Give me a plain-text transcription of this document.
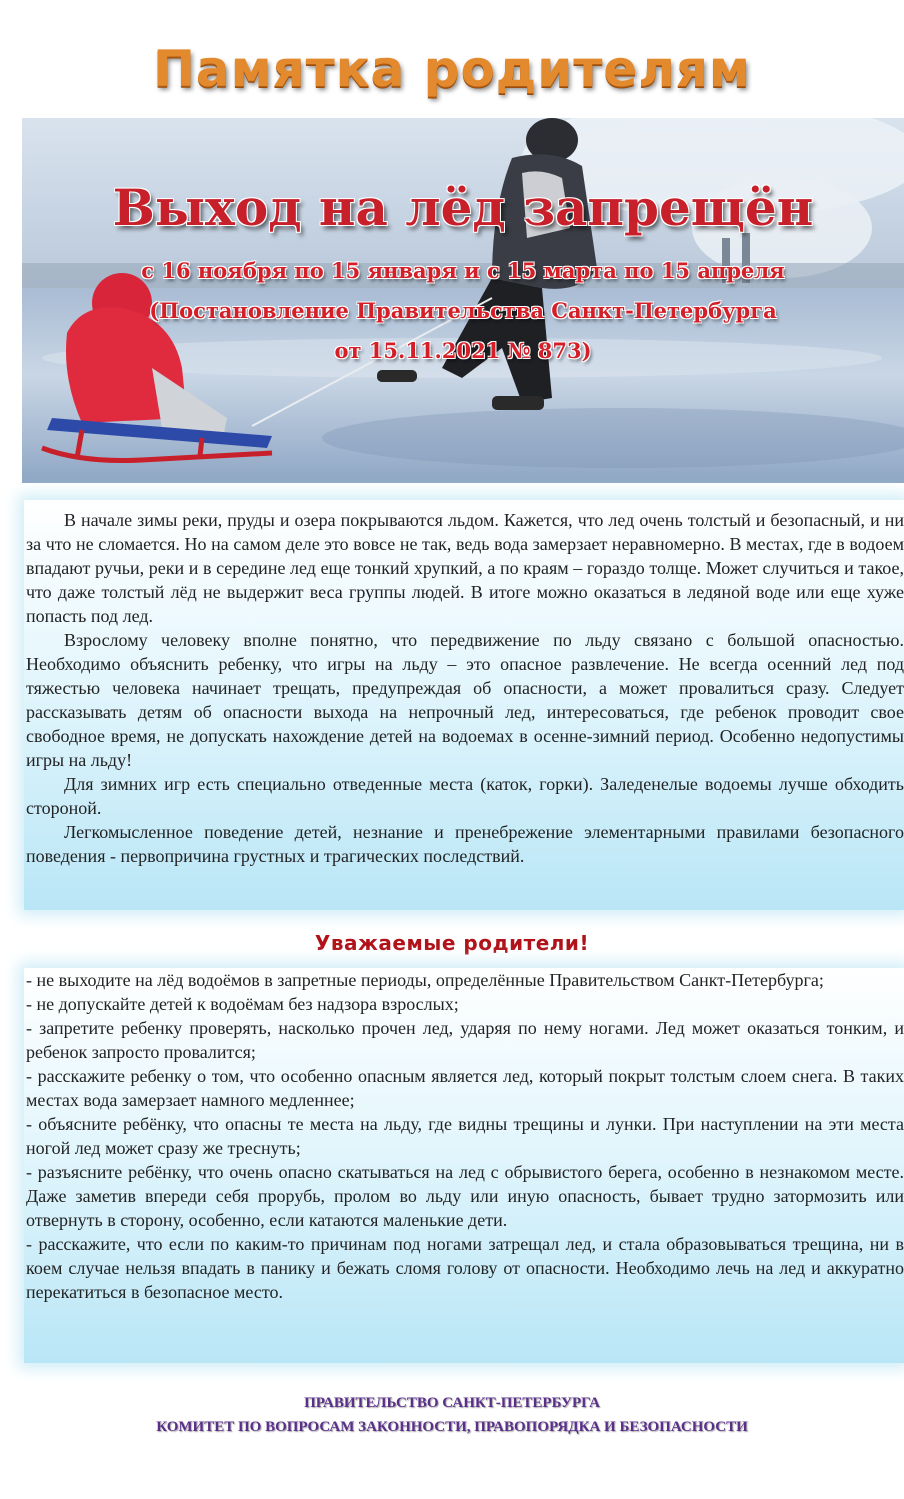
Памятка родителям
Выход на лёд запрещён
с 16 ноября по 15 января и с 15 марта по 15 апреля
(Постановление Правительства Санкт-Петербурга
от 15.11.2021 № 873)

В начале зимы реки, пруды и озера покрываются льдом. Кажется, что лед очень толстый и безопасный, и ни за что не сломается. Но на самом деле это вовсе не так, ведь вода замерзает неравномерно. В местах, где в водоем впадают ручьи, реки и в середине лед еще тонкий хрупкий, а по краям – гораздо толще. Может случиться и такое, что даже толстый лёд не выдержит веса группы людей. В итоге можно оказаться в ледяной воде или еще хуже попасть под лед.

Взрослому человеку вполне понятно, что передвижение по льду связано с большой опасностью. Необходимо объяснить ребенку, что игры на льду – это опасное развлечение. Не всегда осенний лед под тяжестью человека начинает трещать, предупреждая об опасности, а может провалиться сразу. Следует рассказывать детям об опасности выхода на непрочный лед, интересоваться, где ребенок проводит свое свободное время, не допускать нахождение детей на водоемах в осенне-зимний период. Особенно недопустимы игры на льду!

Для зимних игр есть специально отведенные места (каток, горки). Заледенелые водоемы лучше обходить стороной.

Легкомысленное поведение детей, незнание и пренебрежение элементарными правилами безопасного поведения - первопричина грустных и трагических последствий.

Уважаемые родители!

- не выходите на лёд водоёмов в запретные периоды, определённые Правительством Санкт-Петербурга;

- не допускайте детей к водоёмам без надзора взрослых;

- запретите ребенку проверять, насколько прочен лед, ударяя по нему ногами. Лед может оказаться тонким, и ребенок запросто провалится;

- расскажите ребенку о том, что особенно опасным является лед, который покрыт толстым слоем снега. В таких местах вода замерзает намного медленнее;

- объясните ребёнку, что опасны те места на льду, где видны трещины и лунки. При наступлении на эти места ногой лед может сразу же треснуть;

- разъясните ребёнку, что очень опасно скатываться на лед с обрывистого берега, особенно в незнакомом месте. Даже заметив впереди себя прорубь, пролом во льду или иную опасность, бывает трудно затормозить или отвернуть в сторону, особенно, если катаются маленькие дети.

- расскажите, что если по каким-то причинам под ногами затрещал лед, и стала образовываться трещина, ни в коем случае нельзя впадать в панику и бежать сломя голову от опасности. Необходимо лечь на лед и аккуратно перекатиться в безопасное место.

ПРАВИТЕЛЬСТВО САНКТ-ПЕТЕРБУРГА
КОМИТЕТ ПО ВОПРОСАМ ЗАКОННОСТИ, ПРАВОПОРЯДКА И БЕЗОПАСНОСТИ
